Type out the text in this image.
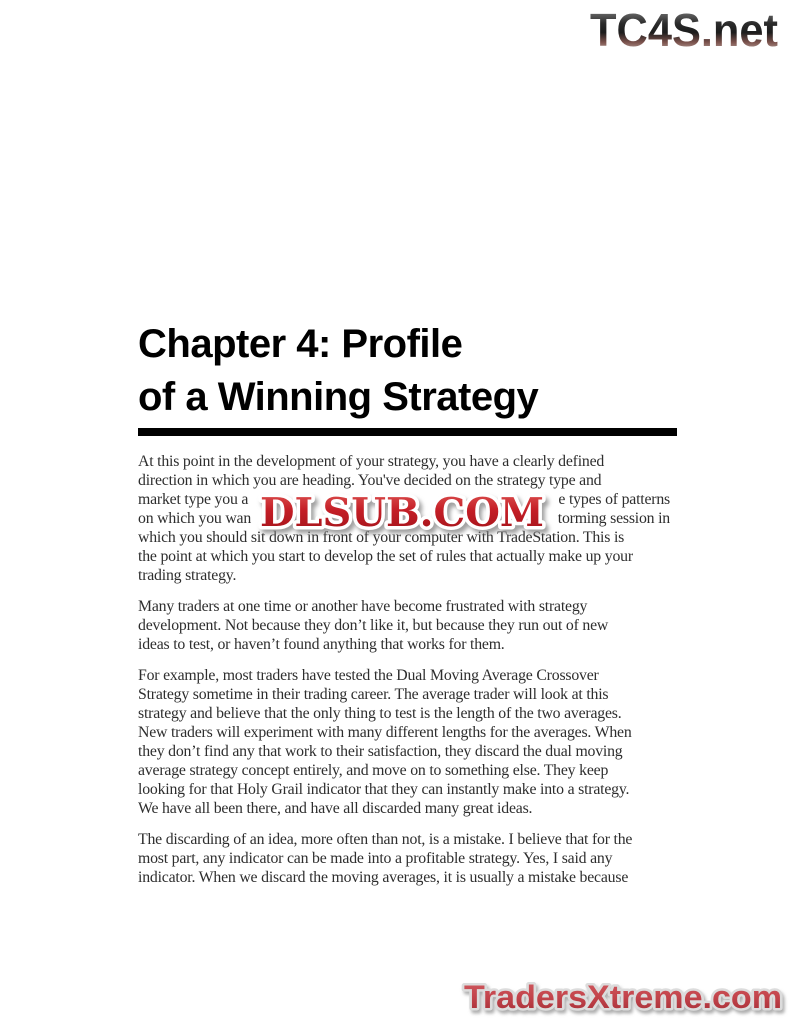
TC4S.net
Chapter 4: Profile
of a Winning Strategy
At this point in the development of your strategy, you have a clearly defined
direction in which you are heading. You've decided on the strategy type and
market type you a	e types of patterns
on which you wan	torming session in
which you should sit down in front of your computer with TradeStation. This is
the point at which you start to develop the set of rules that actually make up your
trading strategy.
Many traders at one time or another have become frustrated with strategy
development. Not because they don’t like it, but because they run out of new
ideas to test, or haven’t found anything that works for them.
For example, most traders have tested the Dual Moving Average Crossover
Strategy sometime in their trading career. The average trader will look at this
strategy and believe that the only thing to test is the length of the two averages.
New traders will experiment with many different lengths for the averages. When
they don’t find any that work to their satisfaction, they discard the dual moving
average strategy concept entirely, and move on to something else. They keep
looking for that Holy Grail indicator that they can instantly make into a strategy.
We have all been there, and have all discarded many great ideas.
The discarding of an idea, more often than not, is a mistake. I believe that for the
most part, any indicator can be made into a profitable strategy. Yes, I said any
indicator. When we discard the moving averages, it is usually a mistake because
DLSUB.COM
TradersXtreme.com
